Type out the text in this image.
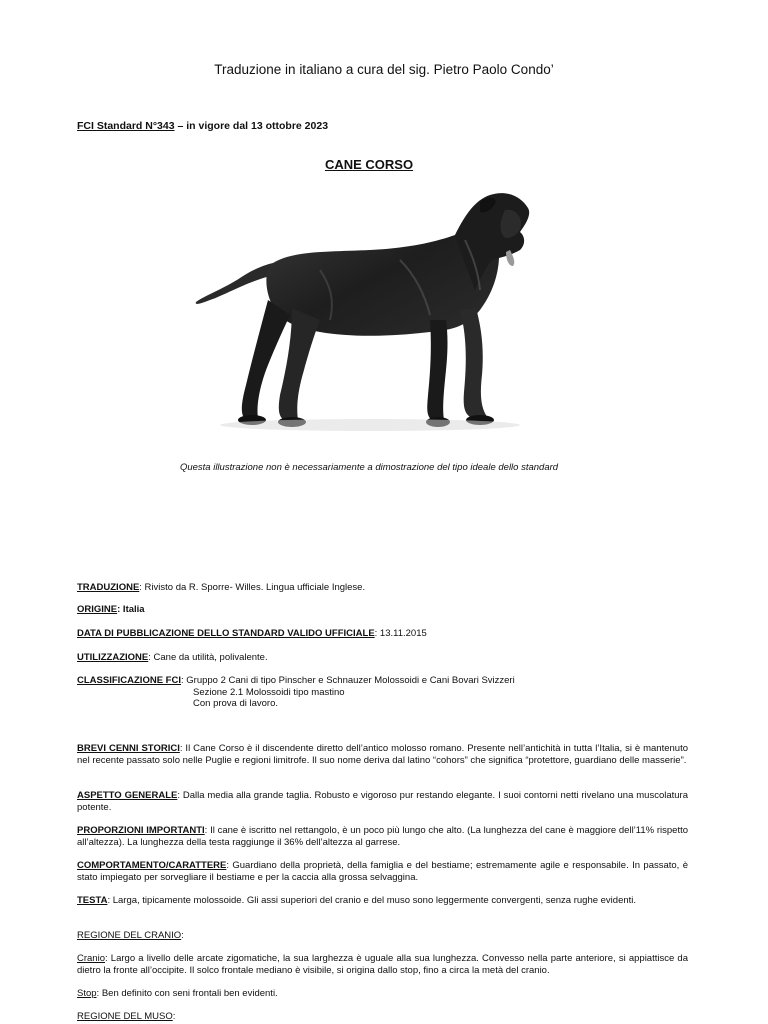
Traduzione in italiano a cura del sig. Pietro Paolo Condo’
FCI Standard N°343 – in vigore dal 13 ottobre 2023
CANE CORSO
Questa illustrazione non è necessariamente a dimostrazione del tipo ideale dello standard
TRADUZIONE: Rivisto da R. Sporre- Willes. Lingua ufficiale Inglese.
ORIGINE: Italia
DATA DI PUBBLICAZIONE DELLO STANDARD VALIDO UFFICIALE: 13.11.2015
UTILIZZAZIONE: Cane da utilità, polivalente.
CLASSIFICAZIONE FCI: Gruppo 2 Cani di tipo Pinscher e Schnauzer Molossoidi e Cani Bovari Svizzeri
Sezione 2.1 Molossoidi tipo mastino
Con prova di lavoro.
BREVI CENNI STORICI: Il Cane Corso è il discendente diretto dell’antico molosso romano. Presente nell’antichità in tutta l’Italia, si è mantenuto nel recente passato solo nelle Puglie e regioni limitrofe. Il suo nome deriva dal latino “cohors” che significa “protettore, guardiano delle masserie”.
ASPETTO GENERALE: Dalla media alla grande taglia. Robusto e vigoroso pur restando elegante. I suoi contorni netti rivelano una muscolatura potente.
PROPORZIONI IMPORTANTI: Il cane è iscritto nel rettangolo, è un poco più lungo che alto. (La lunghezza del cane è maggiore dell’11% rispetto all’altezza). La lunghezza della testa raggiunge il 36% dell’altezza al garrese.
COMPORTAMENTO/CARATTERE: Guardiano della proprietà, della famiglia e del bestiame; estremamente agile e responsabile. In passato, è stato impiegato per sorvegliare il bestiame e per la caccia alla grossa selvaggina.
TESTA: Larga, tipicamente molossoide. Gli assi superiori del cranio e del muso sono leggermente convergenti, senza rughe evidenti.
REGIONE DEL CRANIO:
Cranio: Largo a livello delle arcate zigomatiche, la sua larghezza è uguale alla sua lunghezza. Convesso nella parte anteriore, si appiattisce da dietro la fronte all’occipite. Il solco frontale mediano è visibile, si origina dallo stop, fino a circa la metà del cranio.
Stop: Ben definito con seni frontali ben evidenti.
REGIONE DEL MUSO:
